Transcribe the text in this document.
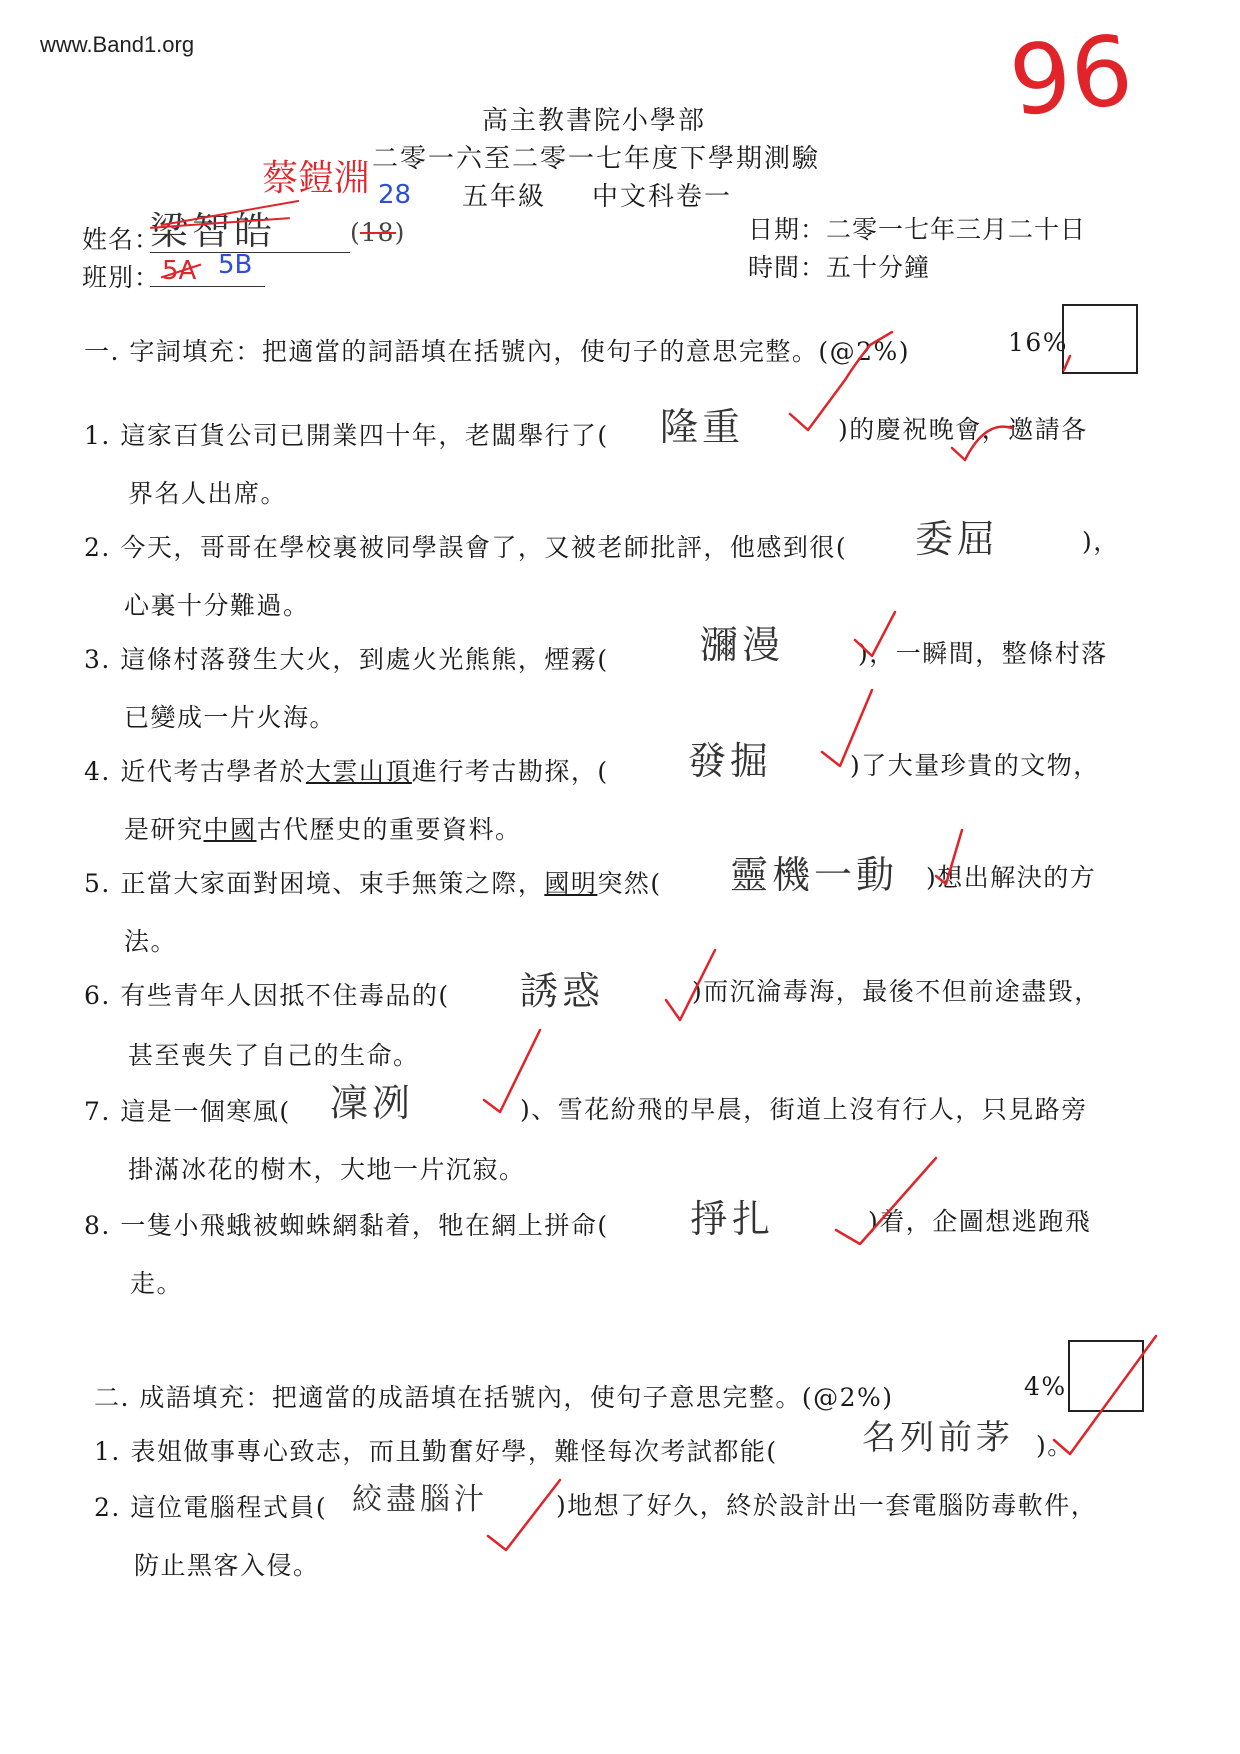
www.Band1.org	96
高主教書院小學部
二零一六至二零一七年度下學期測驗
五年級 中文科卷一
姓名：
梁智皓	(18)
蔡鎧淵 28
班別： 5A 5B
日期：二零一七年三月二十日
時間：五十分鐘
一. 字詞填充：把適當的詞語填在括號內，使句子的意思完整。(@2%)	16%
1. 這家百貨公司已開業四十年，老闆舉行了( 隆重	)的慶祝晚會，邀請各
界名人出席。
2. 今天，哥哥在學校裏被同學誤會了，又被老師批評，他感到很( 委屈	)，
心裏十分難過。
3. 這條村落發生大火，到處火光熊熊，煙霧( 瀰漫	)，一瞬間，整條村落
已變成一片火海。
4. 近代考古學者於大雲山頂進行考古勘探，( 發掘	)了大量珍貴的文物，
是研究中國古代歷史的重要資料。
5. 正當大家面對困境、束手無策之際，國明突然( 靈機一動 )想出解決的方
法。
6. 有些青年人因抵不住毒品的( 誘惑	)而沉淪毒海，最後不但前途盡毀，
甚至喪失了自己的生命。
7. 這是一個寒風( 凜冽	)、雪花紛飛的早晨，街道上沒有行人，只見路旁
掛滿冰花的樹木，大地一片沉寂。
8. 一隻小飛蛾被蜘蛛網黏着，牠在網上拼命( 掙扎	)着，企圖想逃跑飛
走。
二. 成語填充：把適當的成語填在括號內，使句子意思完整。(@2%)	4%
1. 表姐做事專心致志，而且勤奮好學，難怪每次考試都能( 名列前茅 )。
2. 這位電腦程式員( 絞盡腦汁	)地想了好久，終於設計出一套電腦防毒軟件，
防止黑客入侵。
